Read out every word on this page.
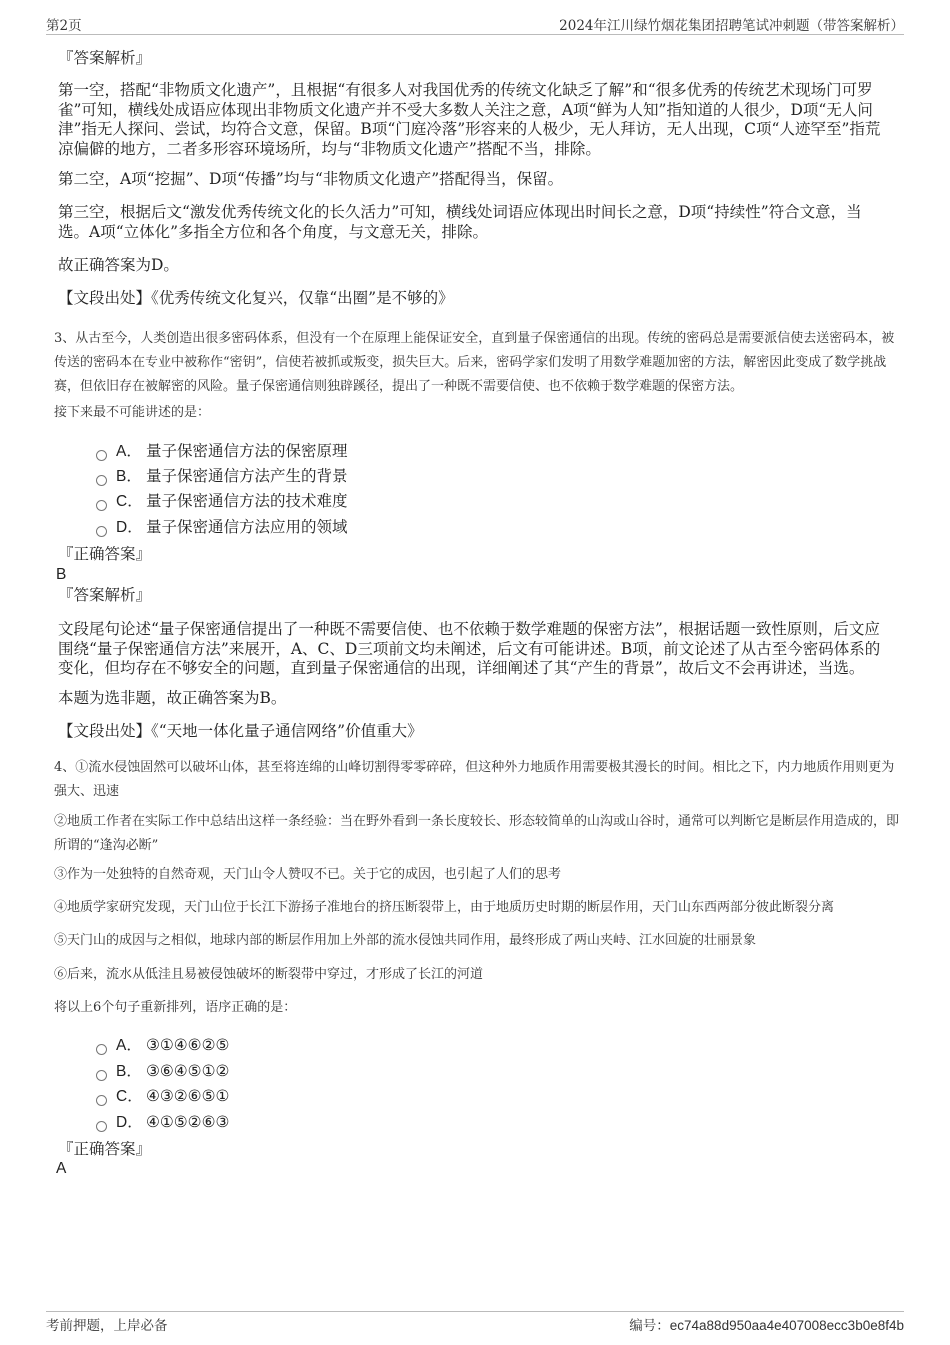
第2页	2024年江川绿竹烟花集团招聘笔试冲刺题（带答案解析）
『答案解析』
第一空，搭配“非物质文化遗产”，且根据“有很多人对我国优秀的传统文化缺乏了解”和“很多优秀的传统艺术现场门可罗雀”可知，横线处成语应体现出非物质文化遗产并不受大多数人关注之意，A项“鲜为人知”指知道的人很少，D项“无人问津”指无人探问、尝试，均符合文意，保留。B项“门庭冷落”形容来的人极少，无人拜访，无人出现，C项“人迹罕至”指荒凉偏僻的地方，二者多形容环境场所，均与“非物质文化遗产”搭配不当，排除。
第二空，A项“挖掘”、D项“传播”均与“非物质文化遗产”搭配得当，保留。
第三空，根据后文“激发优秀传统文化的长久活力”可知，横线处词语应体现出时间长之意，D项“持续性”符合文意，当选。A项“立体化”多指全方位和各个角度，与文意无关，排除。
故正确答案为D。
【文段出处】《优秀传统文化复兴，仅靠“出圈”是不够的》
3、从古至今，人类创造出很多密码体系，但没有一个在原理上能保证安全，直到量子保密通信的出现。传统的密码总是需要派信使去送密码本，被传送的密码本在专业中被称作“密钥”，信使若被抓或叛变，损失巨大。后来，密码学家们发明了用数学难题加密的方法，解密因此变成了数学挑战赛，但依旧存在被解密的风险。量子保密通信则独辟蹊径，提出了一种既不需要信使、也不依赖于数学难题的保密方法。
接下来最不可能讲述的是：
A． 量子保密通信方法的保密原理
B． 量子保密通信方法产生的背景
C． 量子保密通信方法的技术难度
D． 量子保密通信方法应用的领域
『正确答案』
B
『答案解析』
文段尾句论述“量子保密通信提出了一种既不需要信使、也不依赖于数学难题的保密方法”，根据话题一致性原则，后文应围绕“量子保密通信方法”来展开，A、C、D三项前文均未阐述，后文有可能讲述。B项，前文论述了从古至今密码体系的变化，但均存在不够安全的问题，直到量子保密通信的出现，详细阐述了其“产生的背景”，故后文不会再讲述，当选。
本题为选非题，故正确答案为B。
【文段出处】《“天地一体化量子通信网络”价值重大》
4、①流水侵蚀固然可以破坏山体，甚至将连绵的山峰切割得零零碎碎，但这种外力地质作用需要极其漫长的时间。相比之下，内力地质作用则更为强大、迅速
②地质工作者在实际工作中总结出这样一条经验：当在野外看到一条长度较长、形态较简单的山沟或山谷时，通常可以判断它是断层作用造成的，即所谓的“逢沟必断”
③作为一处独特的自然奇观，天门山令人赞叹不已。关于它的成因，也引起了人们的思考
④地质学家研究发现，天门山位于长江下游扬子准地台的挤压断裂带上，由于地质历史时期的断层作用，天门山东西两部分彼此断裂分离
⑤天门山的成因与之相似，地球内部的断层作用加上外部的流水侵蚀共同作用，最终形成了两山夹峙、江水回旋的壮丽景象
⑥后来，流水从低洼且易被侵蚀破坏的断裂带中穿过，才形成了长江的河道
将以上6个句子重新排列，语序正确的是：
A． ③①④⑥②⑤
B． ③⑥④⑤①②
C． ④③②⑥⑤①
D． ④①⑤②⑥③
『正确答案』
A
考前押题，上岸必备	编号：ec74a88d950aa4e407008ecc3b0e8f4b
